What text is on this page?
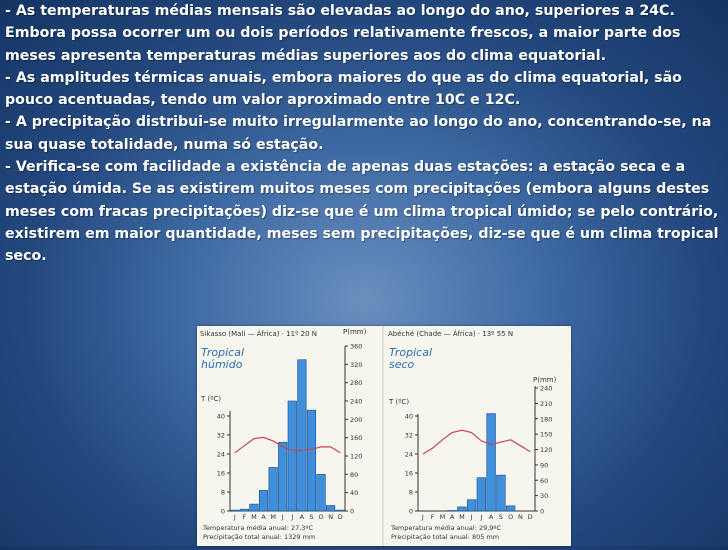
- As temperaturas médias mensais são elevadas ao longo do ano, superiores a 24C. Embora possa ocorrer um ou dois períodos relativamente frescos, a maior parte dos meses apresenta temperaturas médias superiores aos do clima equatorial.

- As amplitudes térmicas anuais, embora maiores do que as do clima equatorial, são pouco acentuadas, tendo um valor aproximado entre 10C e 12C.

- A precipitação distribui-se muito irregularmente ao longo do ano, concentrando-se, na sua quase totalidade, numa só estação.

- Verifica-se com facilidade a existência de apenas duas estações: a estação seca e a estação úmida. Se as existirem muitos meses com precipitações (embora alguns destes meses com fracas precipitações) diz-se que é um clima tropical úmido; se pelo contrário, existirem em maior quantidade, meses sem precipitações, diz-se que é um clima tropical seco.

Sikasso (Mali — África) · 11º 20 N
Tropical
húmido
P(mm)
T (ºC)
0
40
80
120
160
200
240
280
320
360
0
8
16
24
32
40
J F M A M J J A S O N D
Temperatura média anual: 27,3ºC
Precipitação total anual: 1329 mm
Abéché (Chade — África) · 13º 55 N
Tropical
seco
P(mm)
T (ºC)
0
30
60
90
120
150
180
210
240
0
8
16
24
32
40
J F M A M J J A S O N D
Temperatura média anual: 29,9ºC
Precipitação total anual: 805 mm
